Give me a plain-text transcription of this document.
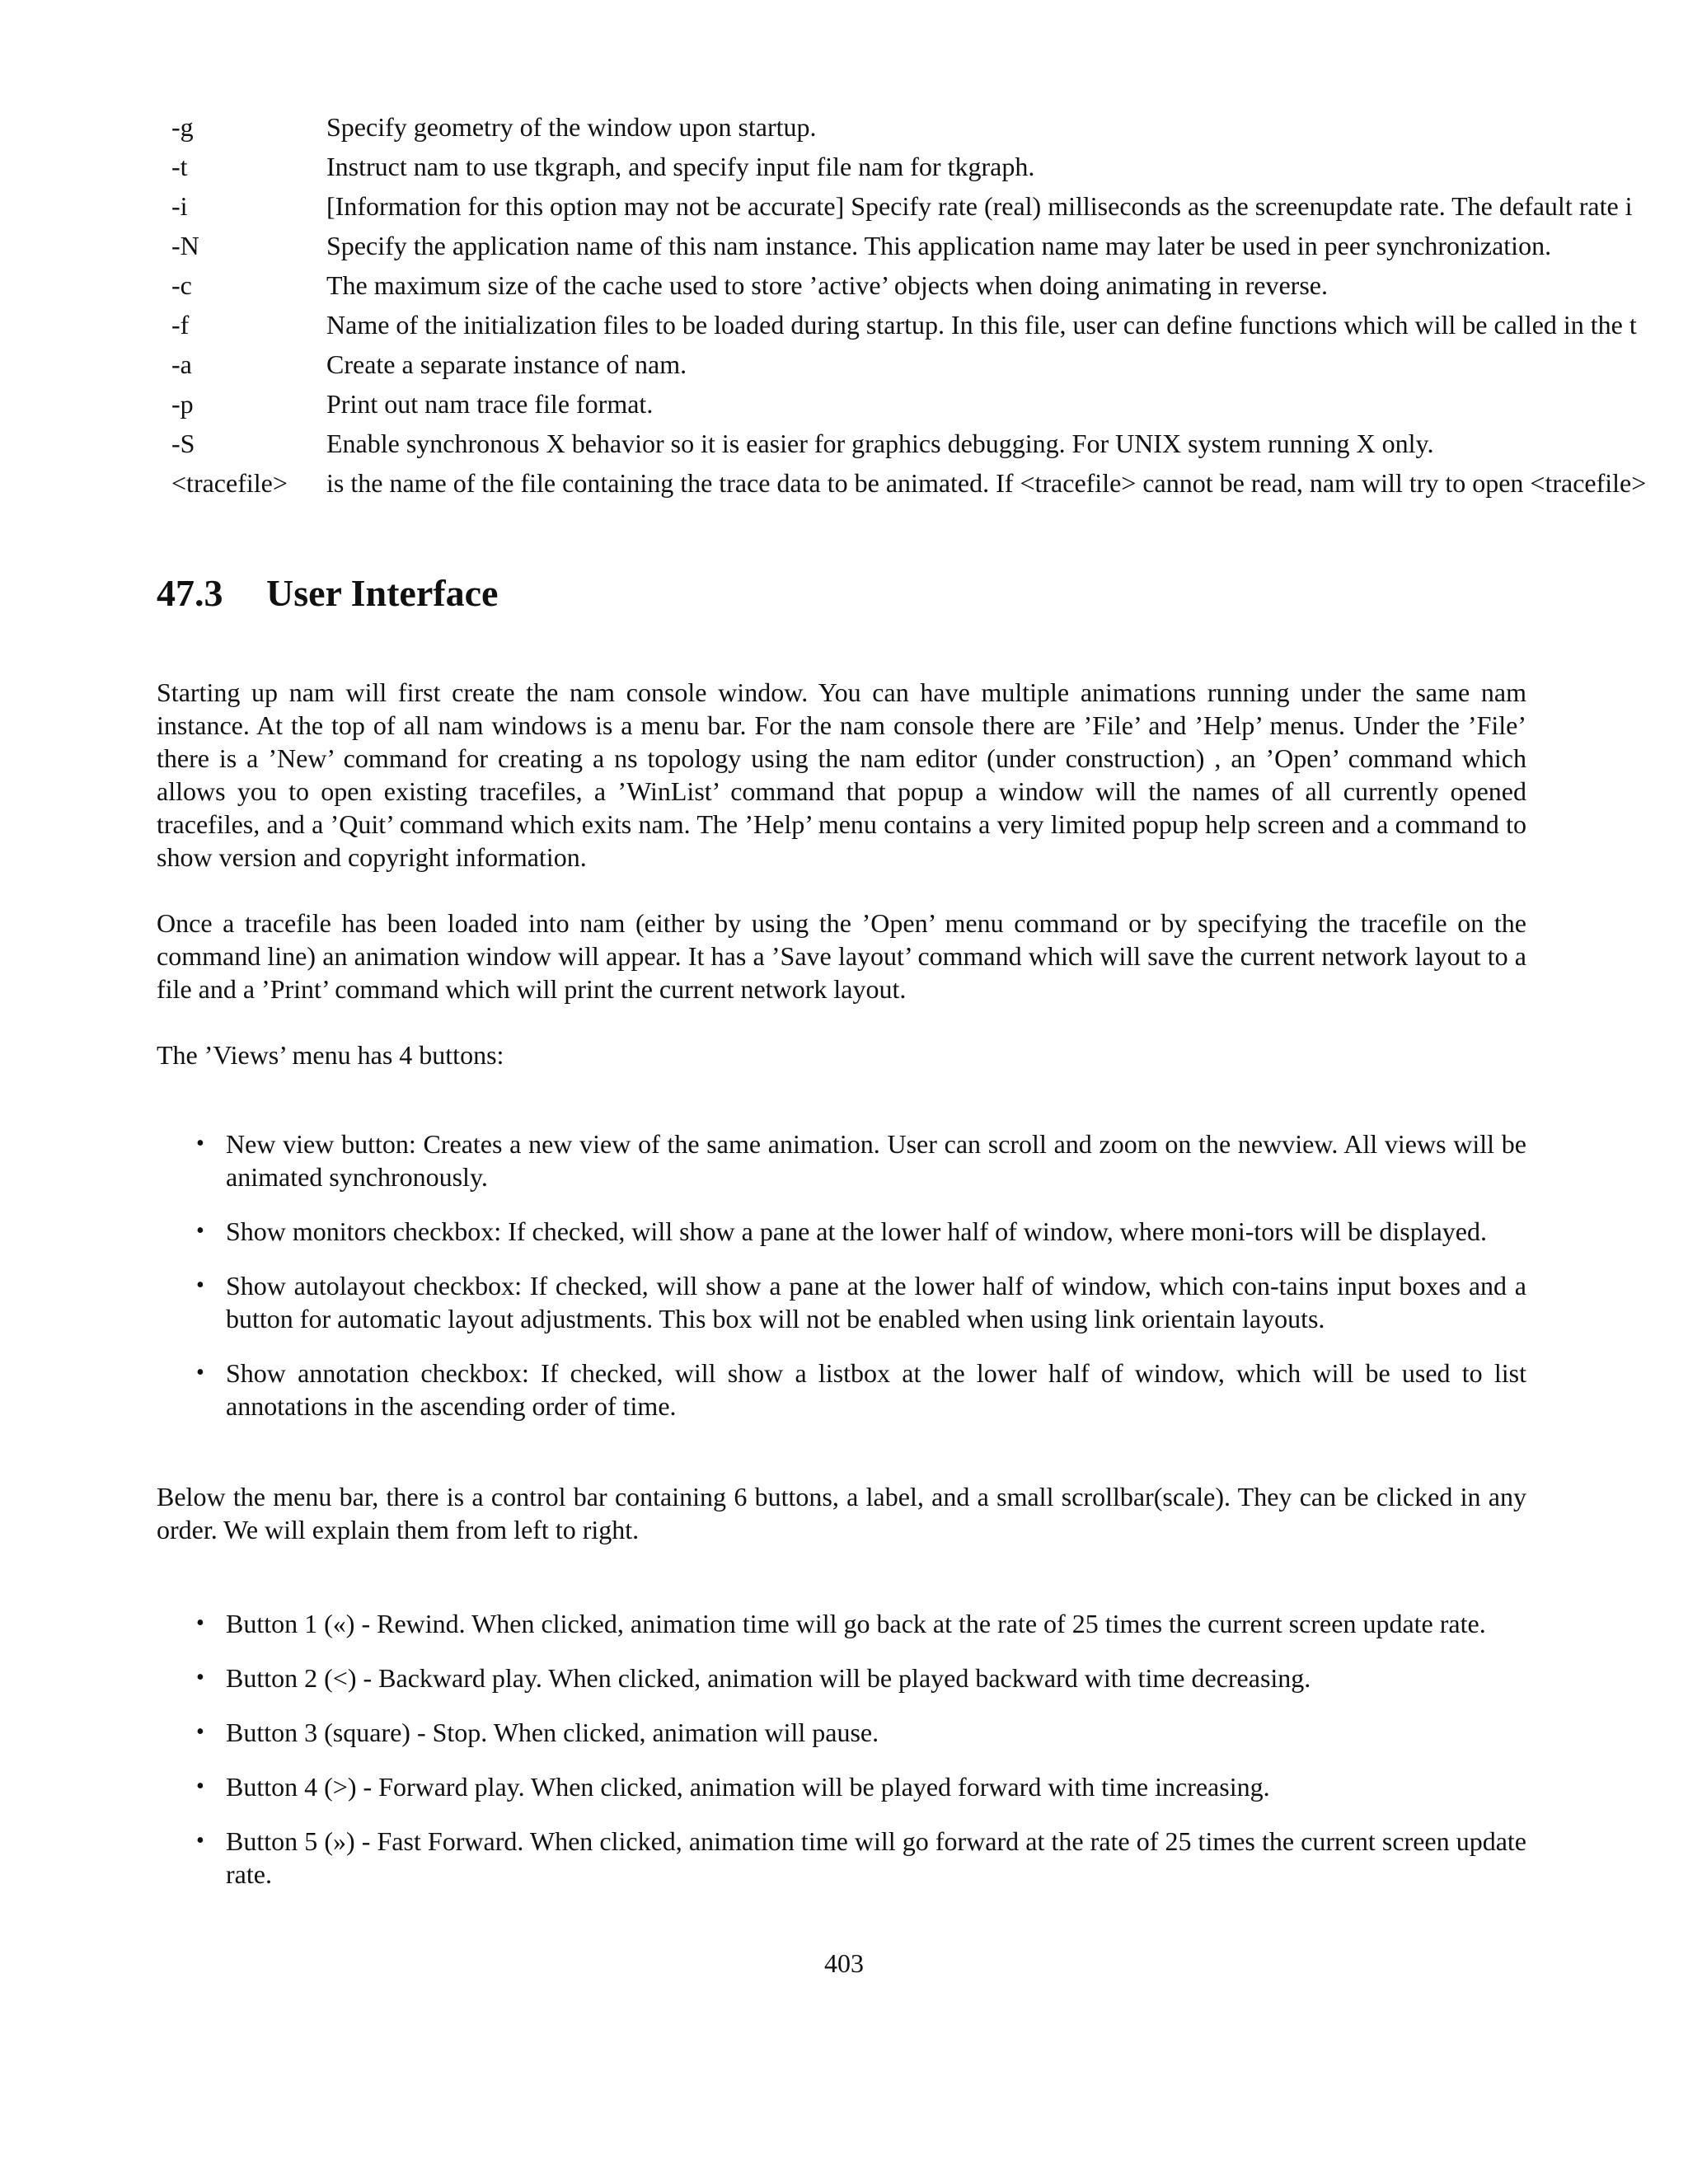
-g	Specify geometry of the window upon startup.
-t	Instruct nam to use tkgraph, and specify input file nam for tkgraph.
-i	[Information for this option may not be accurate] Specify rate (real) milliseconds as the screenupdate rate. The default rate i
-N	Specify the application name of this nam instance. This application name may later be used in peer synchronization.
-c	The maximum size of the cache used to store ’active’ objects when doing animating in reverse.
-f	Name of the initialization files to be loaded during startup. In this file, user can define functions which will be called in the t
-a	Create a separate instance of nam.
-p	Print out nam trace file format.
-S	Enable synchronous X behavior so it is easier for graphics debugging. For UNIX system running X only.
<tracefile>	is the name of the file containing the trace data to be animated. If <tracefile> cannot be read, nam will try to open <tracefile>
47.3 User Interface

Starting up nam will first create the nam console window. You can have multiple animations running under the same nam instance. At the top of all nam windows is a menu bar. For the nam console there are ’File’ and ’Help’ menus. Under the ’File’ there is a ’New’ command for creating a ns topology using the nam editor (under construction) , an ’Open’ command which allows you to open existing tracefiles, a ’WinList’ command that popup a window will the names of all currently opened tracefiles, and a ’Quit’ command which exits nam. The ’Help’ menu contains a very limited popup help screen and a command to show version and copyright information.

Once a tracefile has been loaded into nam (either by using the ’Open’ menu command or by specifying the tracefile on the command line) an animation window will appear. It has a ’Save layout’ command which will save the current network layout to a file and a ’Print’ command which will print the current network layout.

The ’Views’ menu has 4 buttons:

• New view button: Creates a new view of the same animation. User can scroll and zoom on the newview. All views will be animated synchronously.
• Show monitors checkbox: If checked, will show a pane at the lower half of window, where moni-tors will be displayed.
• Show autolayout checkbox: If checked, will show a pane at the lower half of window, which con-tains input boxes and a button for automatic layout adjustments. This box will not be enabled when using link orientain layouts.
• Show annotation checkbox: If checked, will show a listbox at the lower half of window, which will be used to list annotations in the ascending order of time.

Below the menu bar, there is a control bar containing 6 buttons, a label, and a small scrollbar(scale). They can be clicked in any order. We will explain them from left to right.

• Button 1 («) - Rewind. When clicked, animation time will go back at the rate of 25 times the current screen update rate.
• Button 2 (<) - Backward play. When clicked, animation will be played backward with time decreasing.
• Button 3 (square) - Stop. When clicked, animation will pause.
• Button 4 (>) - Forward play. When clicked, animation will be played forward with time increasing.
• Button 5 (») - Fast Forward. When clicked, animation time will go forward at the rate of 25 times the current screen update rate.
403
